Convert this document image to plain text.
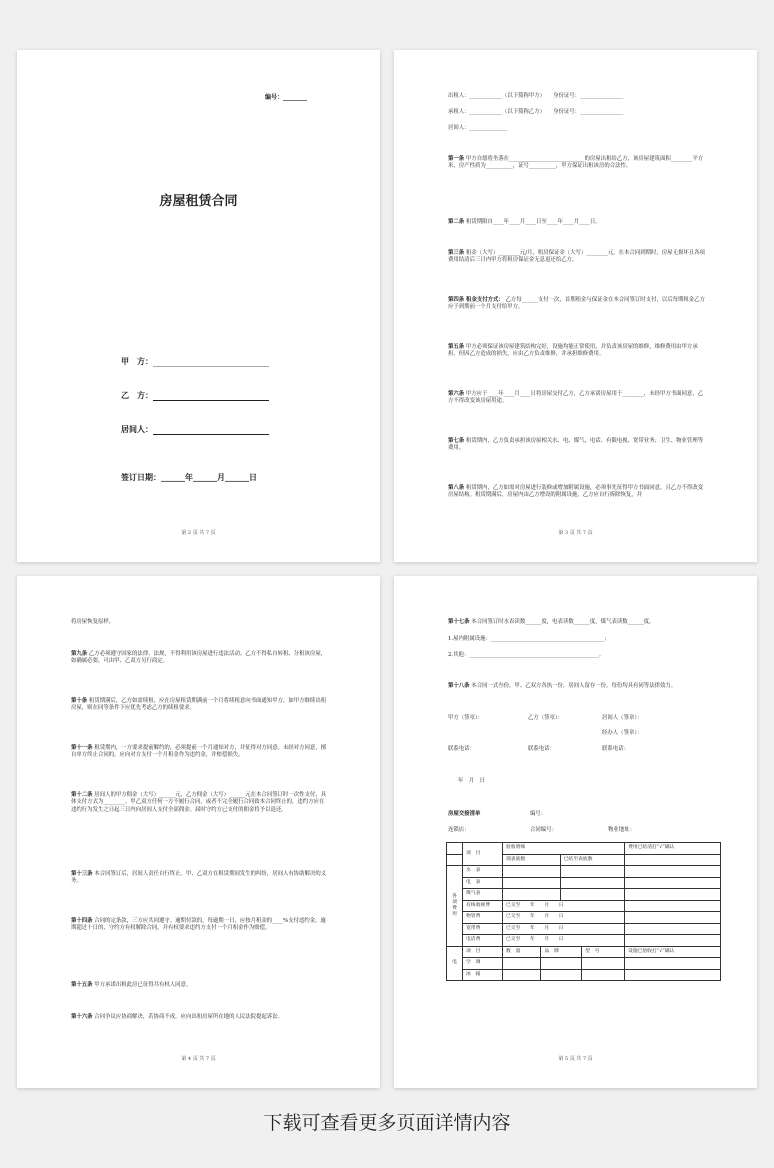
编号：________
房屋租赁合同
甲　方：
乙　方：
居间人：
签订日期：______年______月______日
第 2 页 共 7 页
出租人：____________（以下简称甲方）　　身份证号：________________
承租人：____________（以下简称乙方）　　身份证号：________________
居间人：______________
第一条 甲方自愿将坐落在____________________________的房屋出租给乙方，该房屋建筑面积________平方米，房产性质为__________，证号__________，甲方保证出租该房的合法性。
第二条 租赁期限自____年____月____日至____年____月____日。
第三条 租金（大写）________元/月，租房保证金（大写）________元，在本合同到期时，房屋无损坏且各项费用结清后三日内甲方将租房保证金无息退还给乙方。
第四条 租金支付方式： 乙方每______支付一次，首期租金与保证金在本合同签订时支付，以后每期租金乙方应于到期前一个月支付给甲方。
第五条 甲方必须保证该房屋建筑结构完好，设施均能正常使用，并负责该房屋的维修，维修费用由甲方承担。但因乙方造成的损失，应由乙方负责维修，并承担维修费用。
第六条 甲方应于____年____月____日将房屋交付乙方，乙方承诺房屋用于________，未经甲方书面同意，乙方不得改变该房屋用途。
第七条 租赁期内，乙方负责承担该房屋相关水、电、煤气、电话、有限电视、宽带业务、卫生、物业管理等费用。
第八条 租赁期内，乙方如需对房屋进行装修或增加附属设施，必须事先征得甲方书面同意，且乙方不得改变房屋结构。租赁期满后，房屋内由乙方增设的附属设施，乙方应自行拆除恢复，并
第 3 页 共 7 页
将房屋恢复原样。
第九条 乙方必须遵守国家的法律、法规，不得利用该房屋进行违法活动。乙方不得私自转租、分租该房屋，如确属必要，可由甲、乙双方另行商定。
第十条 租赁期满后，乙方如需续租，应在房屋租赁期满前一个月将续租意向书面通知甲方，如甲方继续出租房屋，则在同等条件下应优先考虑乙方的续租要求。
第十一条 租赁期内，一方要求提前解约的，必须提前一个月通知对方，并征得对方同意。未经对方同意，擅自单方终止合同的，应向对方支付一个月租金作为违约金，并赔偿损失。
第十二条 居间人的甲方佣金（大写）______元，乙方佣金（大写）______元在本合同签订时一次性支付，具体支付方式为________。甲乙双方任何一方不履行合同，或者不完全履行合同致本合同终止的，违约方应在违约行为发生之日起三日内向居间人支付全部佣金。届时守约方已支付的佣金将予以退还。
第十三条 本合同签订后，居间人责任自行终止。甲、乙双方在租赁期间发生的纠纷，居间人有协助解决的义务。
第十四条 合同的定条款，三方应共同遵守。逾期付款的，每逾期一日，应按月租金的____%支付违约金，逾期超过十日的，守约方有权解除合同，并有权要求违约方支付一个月租金作为赔偿。
第十五条 甲方承诺出租此房已征得共有权人同意。
第十六条 合同争议应协商解决，若协商不成，应向出租房屋所在地的人民法院提起诉讼。
第 4 页 共 7 页
第十七条 本合同签订时水表读数______度，电表读数______度，煤气表读数______度。
1.屋内附属设施：__________________________________________；
2.其他：________________________________________________。
第十八条 本合同一式叁份，甲、乙双方各执一份，居间人留存一份，每份均具有同等法律效力。
甲方（签章）：	乙方（签章）：	居间人（签章）：
经办人（签章）：
联系电话：	联系电话：	联系电话：
年　月　日
房屋交接清单	编号：
连锁店：	合同编号：	物业地址：
	项　目	验收明细				费用已结清打“√”确认
		现表底数		已结至表底数		
各项费用	水　表					
	电　表					
	煤气表					
	有线收视费	已交至　　年　　月　　日				
	物管费	已交至　　年　　月　　日				
	宽带费	已交至　　年　　月　　日				
	电话费	已交至　　年　　月　　日				
电	项　目	数　量	品　牌		型　号	设施已验收打“√”确认
	空　调					
	冰　箱					
第 5 页 共 7 页
下载可查看更多页面详情内容
